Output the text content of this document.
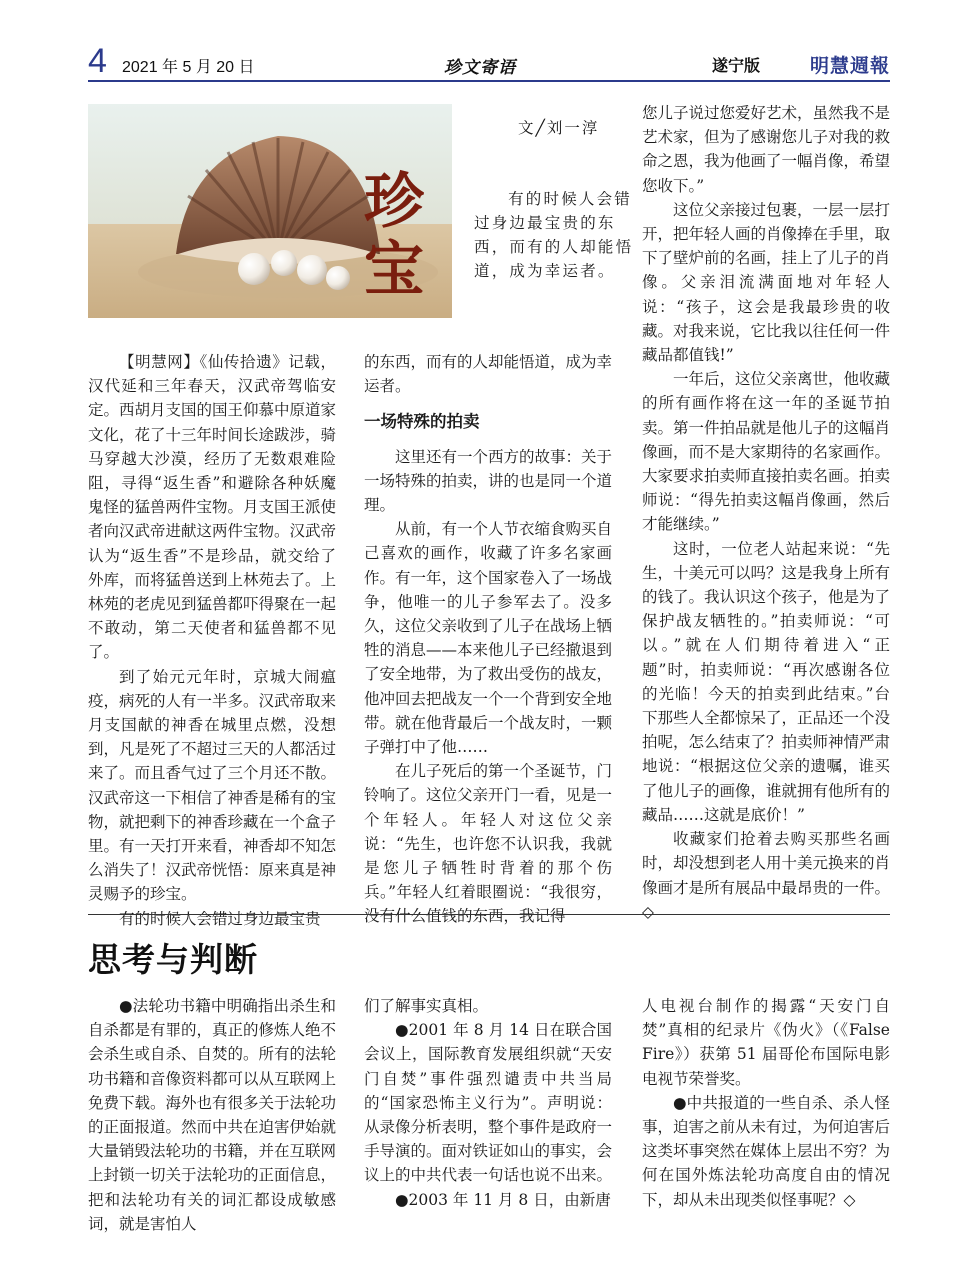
4 2021 年 5 月 20 日	珍文寄语	遂宁版	明慧週報
文╱刘一淳
珍
宝

有的时候人会错过身边最宝贵的东西，而有的人却能悟道，成为幸运者。

【明慧网】《仙传拾遗》记载，汉代延和三年春天，汉武帝驾临安定。西胡月支国的国王仰慕中原道家文化，花了十三年时间长途跋涉，骑马穿越大沙漠，经历了无数艰难险阻，寻得“返生香”和避除各种妖魔鬼怪的猛兽两件宝物。月支国王派使者向汉武帝进献这两件宝物。汉武帝认为“返生香”不是珍品，就交给了外库，而将猛兽送到上林苑去了。上林苑的老虎见到猛兽都吓得聚在一起不敢动，第二天使者和猛兽都不见了。

到了始元元年时，京城大闹瘟疫，病死的人有一半多。汉武帝取来月支国献的神香在城里点燃，没想到，凡是死了不超过三天的人都活过来了。而且香气过了三个月还不散。汉武帝这一下相信了神香是稀有的宝物，就把剩下的神香珍藏在一个盒子里。有一天打开来看，神香却不知怎么消失了！汉武帝恍悟：原来真是神灵赐予的珍宝。

有的时候人会错过身边最宝贵

的东西，而有的人却能悟道，成为幸运者。

一场特殊的拍卖

这里还有一个西方的故事：关于一场特殊的拍卖，讲的也是同一个道理。

从前，有一个人节衣缩食购买自己喜欢的画作，收藏了许多名家画作。有一年，这个国家卷入了一场战争，他唯一的儿子参军去了。没多久，这位父亲收到了儿子在战场上牺牲的消息——本来他儿子已经撤退到了安全地带，为了救出受伤的战友，他冲回去把战友一个一个背到安全地带。就在他背最后一个战友时，一颗子弹打中了他……

在儿子死后的第一个圣诞节，门铃响了。这位父亲开门一看，见是一个年轻人。年轻人对这位父亲说：“先生，也许您不认识我，我就是您儿子牺牲时背着的那个伤兵。”年轻人红着眼圈说：“我很穷，没有什么值钱的东西，我记得

您儿子说过您爱好艺术，虽然我不是艺术家，但为了感谢您儿子对我的救命之恩，我为他画了一幅肖像，希望您收下。”

这位父亲接过包裹，一层一层打开，把年轻人画的肖像捧在手里，取下了壁炉前的名画，挂上了儿子的肖像。父亲泪流满面地对年轻人说：“孩子，这会是我最珍贵的收藏。对我来说，它比我以往任何一件藏品都值钱!”

一年后，这位父亲离世，他收藏的所有画作将在这一年的圣诞节拍卖。第一件拍品就是他儿子的这幅肖像画，而不是大家期待的名家画作。大家要求拍卖师直接拍卖名画。拍卖师说：“得先拍卖这幅肖像画，然后才能继续。”

这时，一位老人站起来说：“先生，十美元可以吗？这是我身上所有的钱了。我认识这个孩子，他是为了保护战友牺牲的。”拍卖师说：“可以。”就在人们期待着进入“正题”时，拍卖师说：“再次感谢各位的光临！今天的拍卖到此结束。”台下那些人全都惊呆了，正品还一个没拍呢，怎么结束了？拍卖师神情严肃地说：“根据这位父亲的遗嘱，谁买了他儿子的画像，谁就拥有他所有的藏品……这就是底价！”

收藏家们抢着去购买那些名画时，却没想到老人用十美元换来的肖像画才是所有展品中最昂贵的一件。◇

思考与判断

●法轮功书籍中明确指出杀生和自杀都是有罪的，真正的修炼人绝不会杀生或自杀、自焚的。所有的法轮功书籍和音像资料都可以从互联网上免费下载。海外也有很多关于法轮功的正面报道。然而中共在迫害伊始就大量销毁法轮功的书籍，并在互联网上封锁一切关于法轮功的正面信息，把和法轮功有关的词汇都设成敏感词，就是害怕人

们了解事实真相。

●2001 年 8 月 14 日在联合国会议上，国际教育发展组织就“天安门自焚”事件强烈谴责中共当局的“国家恐怖主义行为”。声明说：从录像分析表明，整个事件是政府一手导演的。面对铁证如山的事实，会议上的中共代表一句话也说不出来。

●2003 年 11 月 8 日，由新唐

人电视台制作的揭露“天安门自焚”真相的纪录片《伪火》（《False Fire》）获第 51 届哥伦布国际电影电视节荣誉奖。

●中共报道的一些自杀、杀人怪事，迫害之前从未有过，为何迫害后这类坏事突然在媒体上层出不穷？为何在国外炼法轮功高度自由的情况下，却从未出现类似怪事呢？◇
